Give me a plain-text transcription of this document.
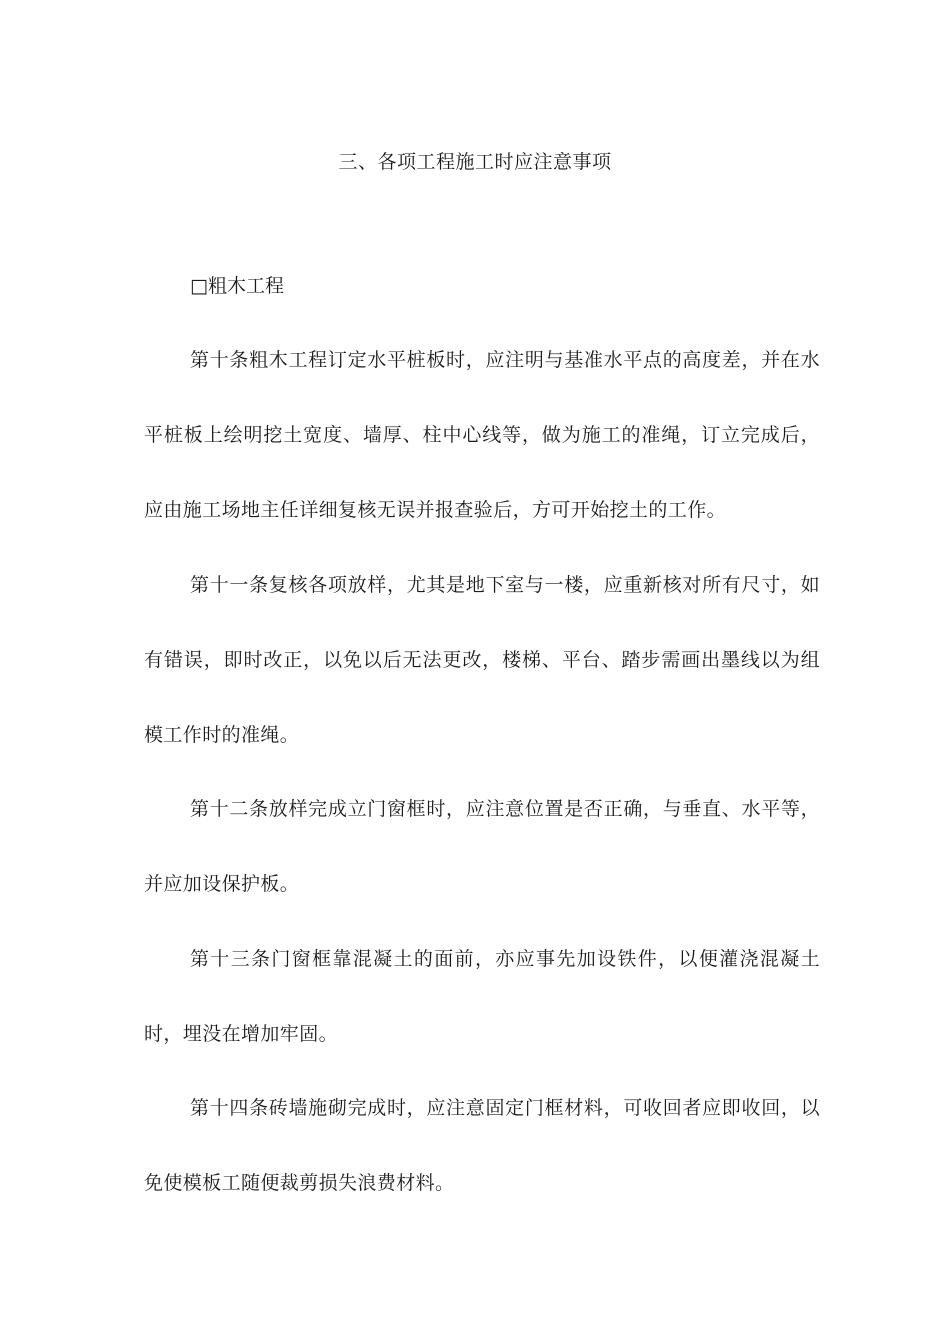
三、各项工程施工时应注意事项

□粗木工程

第十条粗木工程订定水平桩板时，应注明与基准水平点的高度差，并在水平桩板上绘明挖土宽度、墙厚、柱中心线等，做为施工的准绳，订立完成后，应由施工场地主任详细复核无误并报查验后，方可开始挖土的工作。

第十一条复核各项放样，尤其是地下室与一楼，应重新核对所有尺寸，如有错误，即时改正，以免以后无法更改，楼梯、平台、踏步需画出墨线以为组模工作时的准绳。

第十二条放样完成立门窗框时，应注意位置是否正确，与垂直、水平等，并应加设保护板。

第十三条门窗框靠混凝土的面前，亦应事先加设铁件，以便灌浇混凝土时，埋没在增加牢固。

第十四条砖墙施砌完成时，应注意固定门框材料，可收回者应即收回，以免使模板工随便裁剪损失浪费材料。
